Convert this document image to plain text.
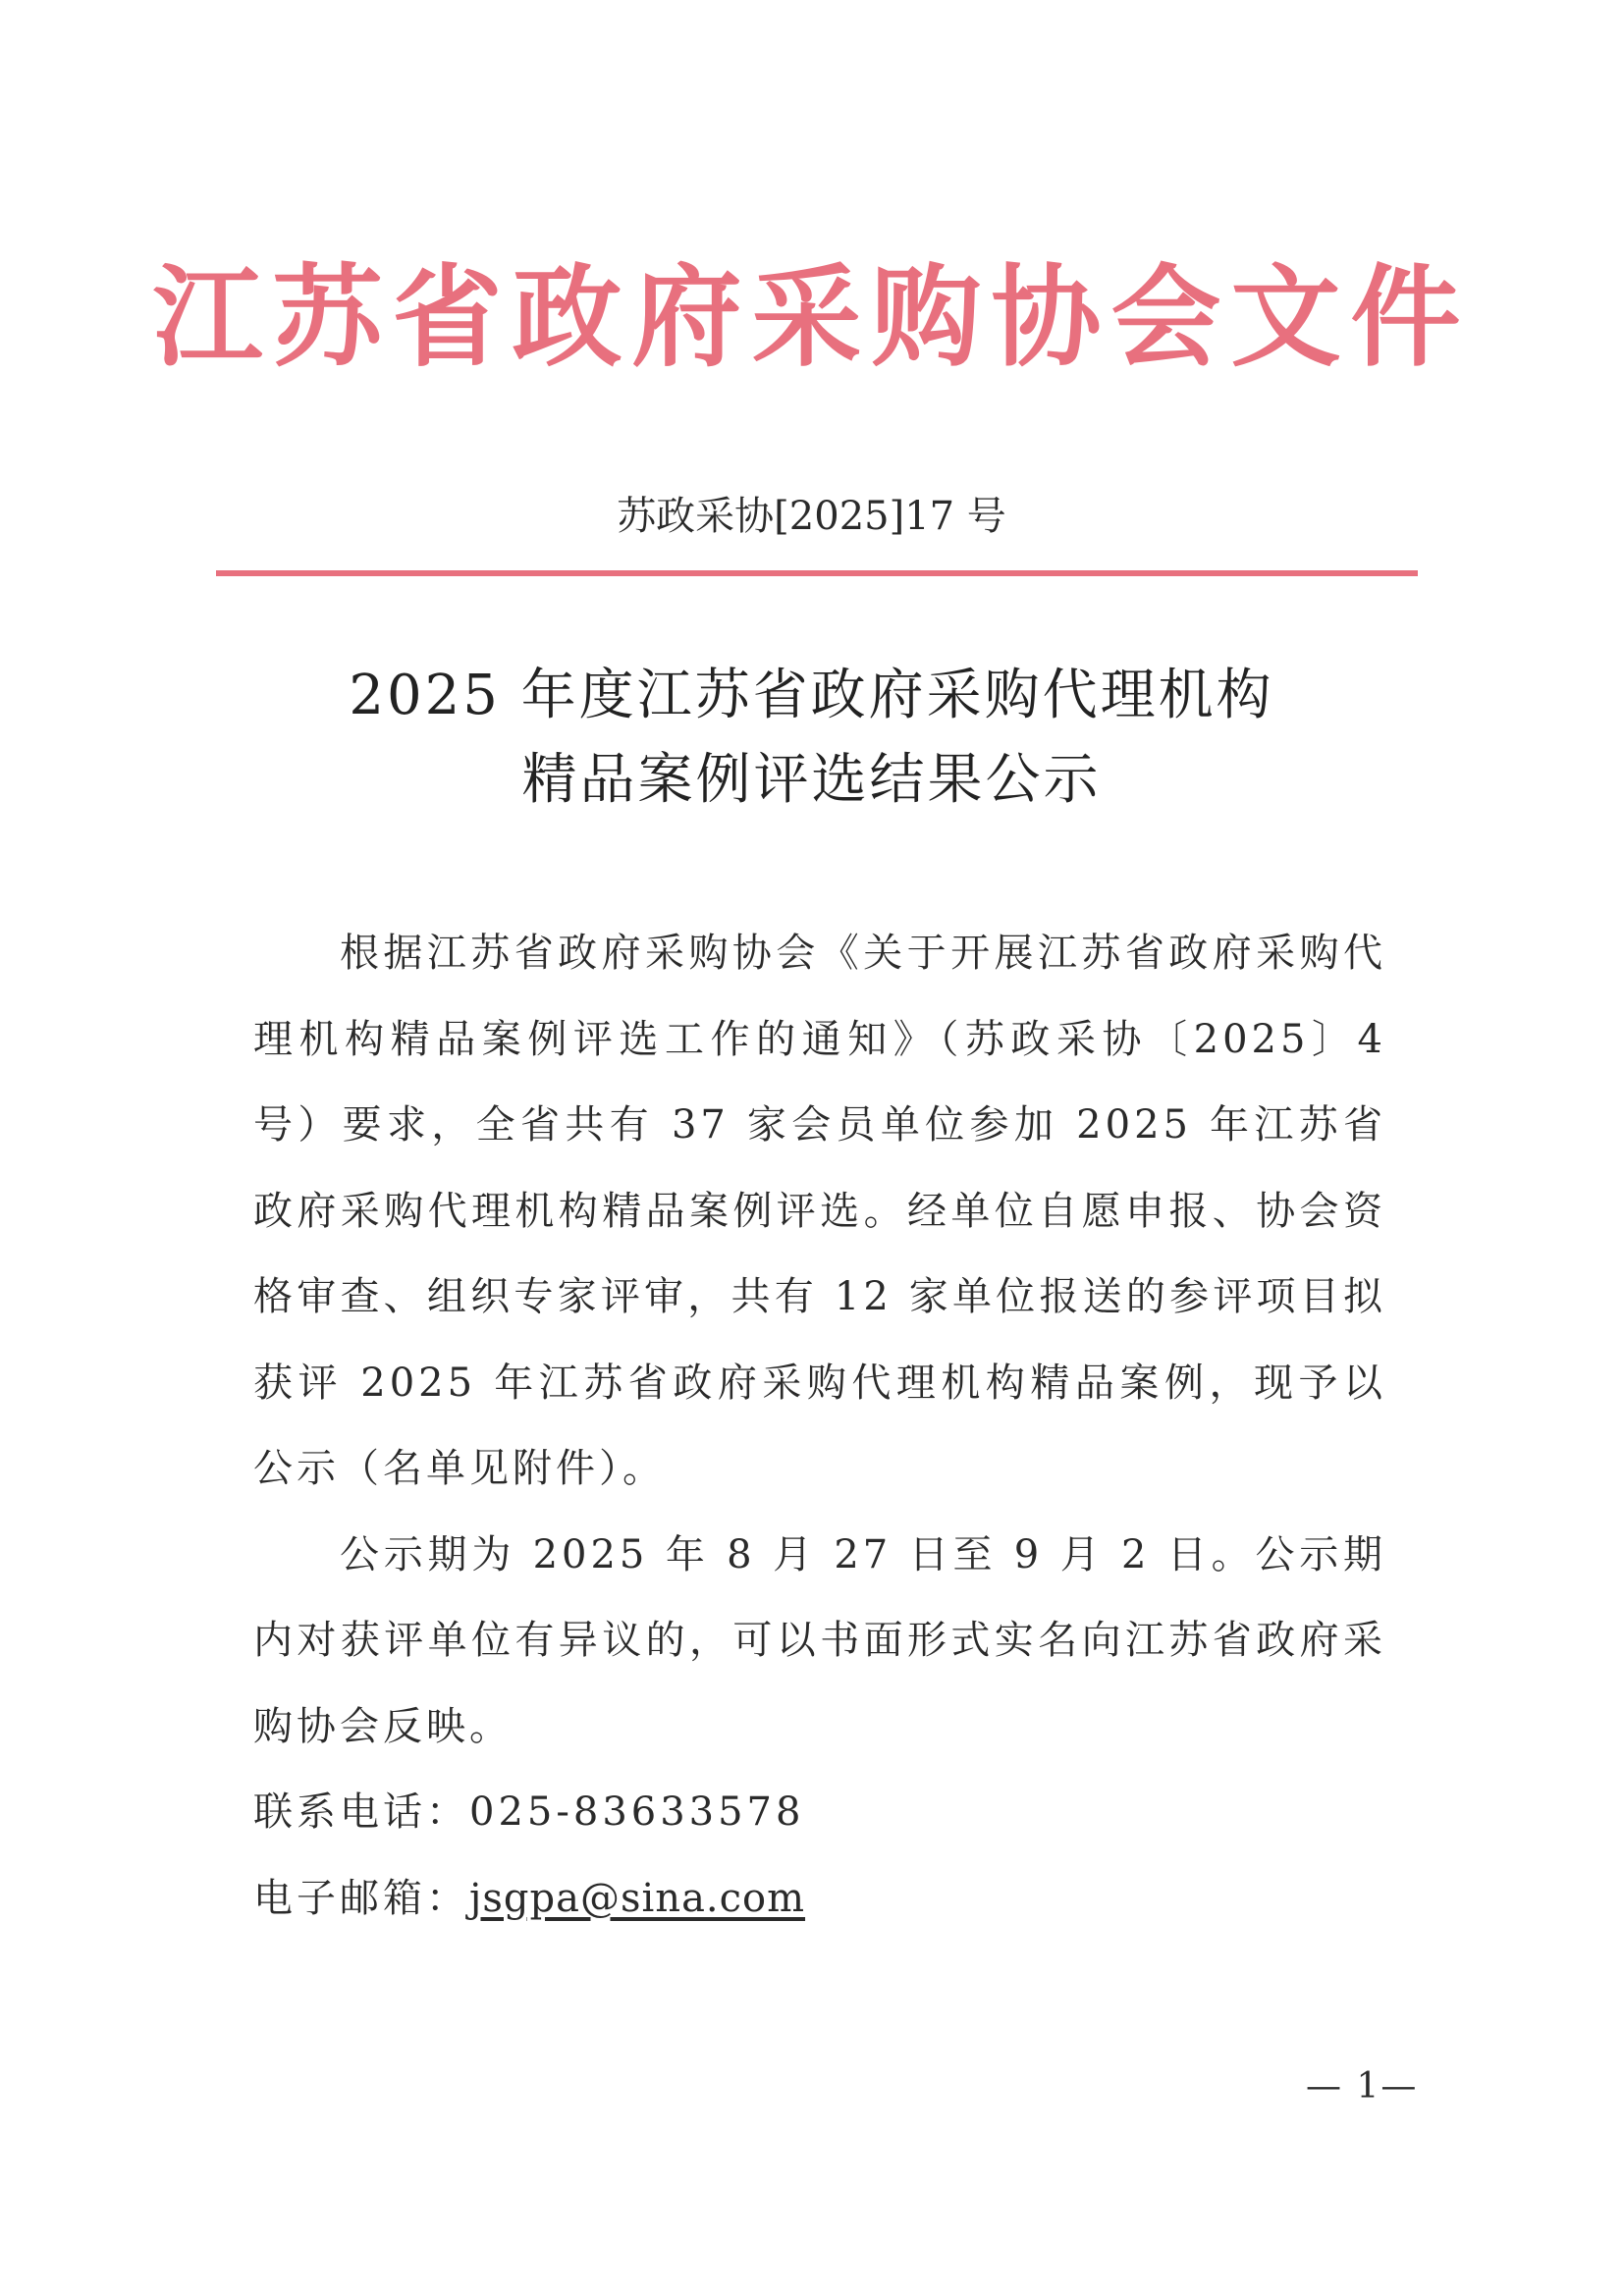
江苏省政府采购协会文件
苏政采协[2025]17 号
2025 年度江苏省政府采购代理机构
精品案例评选结果公示

根据江苏省政府采购协会《关于开展江苏省政府采购代理机构精品案例评选工作的通知》（苏政采协〔2025〕4 号）要求，全省共有 37 家会员单位参加 2025 年江苏省政府采购代理机构精品案例评选。经单位自愿申报、协会资格审查、组织专家评审，共有 12 家单位报送的参评项目拟获评 2025 年江苏省政府采购代理机构精品案例，现予以公示（名单见附件）。

公示期为 2025 年 8 月 27 日至 9 月 2 日。公示期内对获评单位有异议的，可以书面形式实名向江苏省政府采购协会反映。

联系电话：025-83633578

电子邮箱：jsgpa@sina.com

— 1—
